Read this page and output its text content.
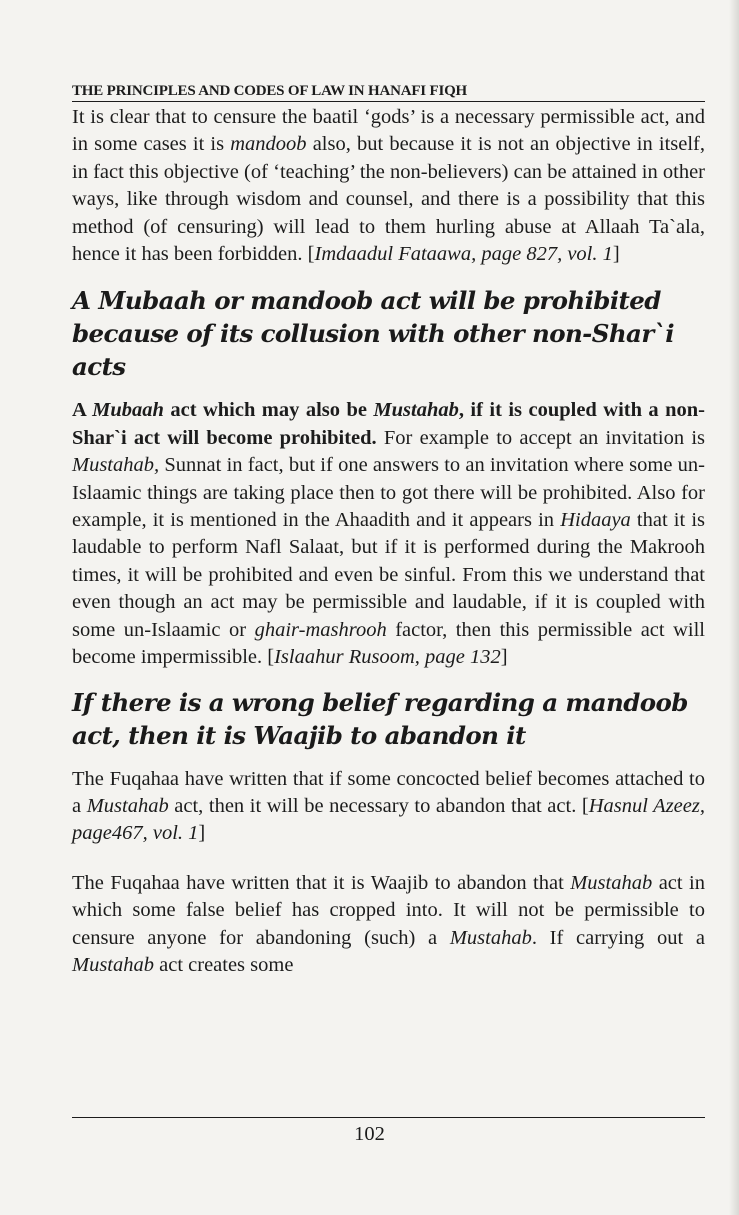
THE PRINCIPLES AND CODES OF LAW IN HANAFI FIQH

It is clear that to censure the baatil ‘gods’ is a necessary permissible act, and in some cases it is mandoob also, but because it is not an objective in itself, in fact this objective (of ‘teaching’ the non-believers) can be attained in other ways, like through wisdom and counsel, and there is a possibility that this method (of censuring) will lead to them hurling abuse at Allaah Ta`ala, hence it has been forbidden. [Imdaadul Fataawa, page 827, vol. 1]

A Mubaah or mandoob act will be prohibited because of its collusion with other non-Shar`i acts

A Mubaah act which may also be Mustahab, if it is coupled with a non-Shar`i act will become prohibited. For example to accept an invitation is Mustahab, Sunnat in fact, but if one answers to an invitation where some un-Islaamic things are taking place then to got there will be prohibited. Also for example, it is mentioned in the Ahaadith and it appears in Hidaaya that it is laudable to perform Nafl Salaat, but if it is performed during the Makrooh times, it will be prohibited and even be sinful. From this we understand that even though an act may be permissible and laudable, if it is coupled with some un-Islaamic or ghair-mashrooh factor, then this permissible act will become impermissible. [Islaahur Rusoom, page 132]

If there is a wrong belief regarding a mandoob act, then it is Waajib to abandon it

The Fuqahaa have written that if some concocted belief becomes attached to a Mustahab act, then it will be necessary to abandon that act. [Hasnul Azeez, page467, vol. 1]

The Fuqahaa have written that it is Waajib to abandon that Mustahab act in which some false belief has cropped into. It will not be permissible to censure anyone for abandoning (such) a Mustahab. If carrying out a Mustahab act creates some

102
